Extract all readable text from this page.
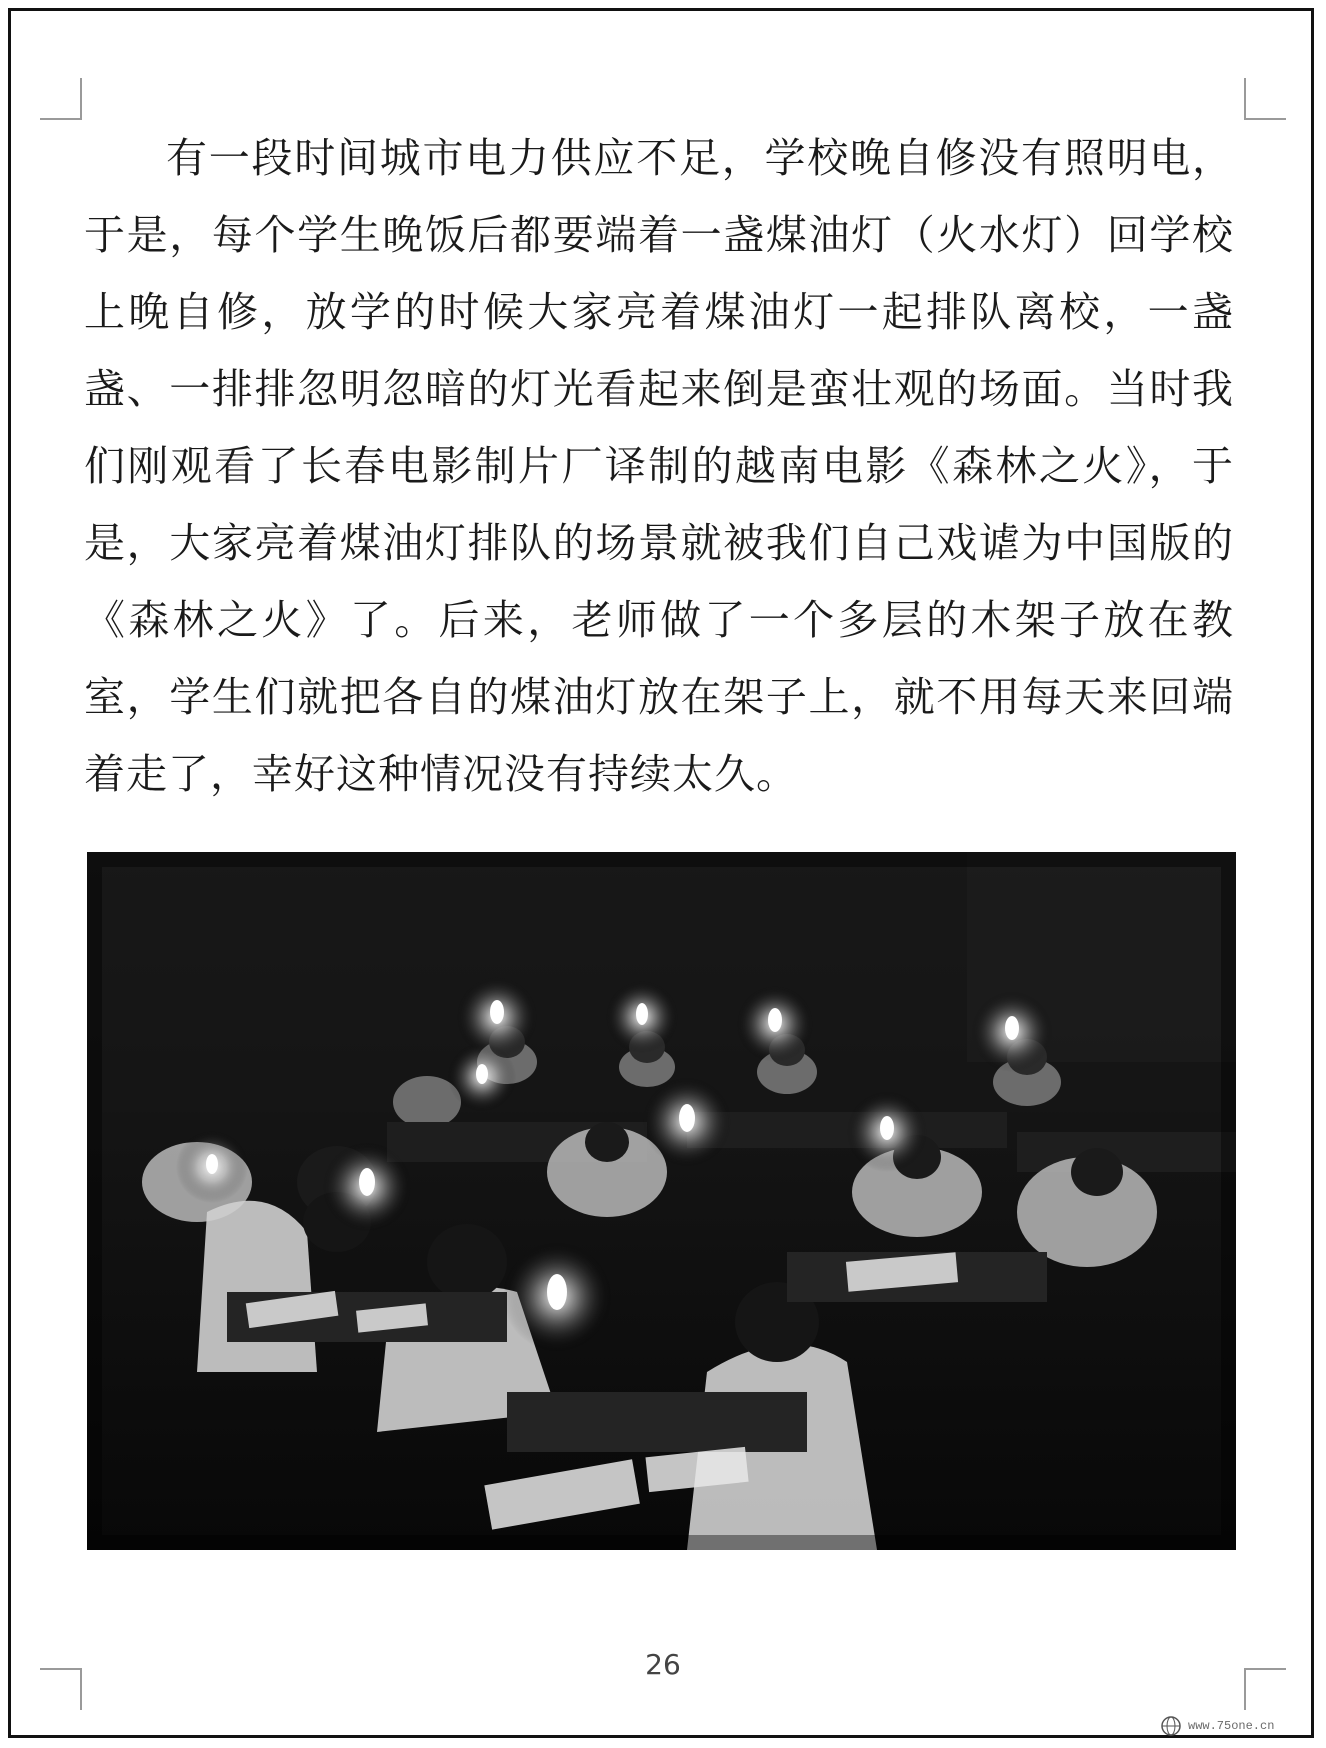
有一段时间城市电力供应不足，学校晚自修没有照明电，于是，每个学生晚饭后都要端着一盏煤油灯（火水灯）回学校上晚自修，放学的时候大家亮着煤油灯一起排队离校，一盏盏、一排排忽明忽暗的灯光看起来倒是蛮壮观的场面。当时我们刚观看了长春电影制片厂译制的越南电影《森林之火》，于是，大家亮着煤油灯排队的场景就被我们自己戏谑为中国版的《森林之火》了。后来，老师做了一个多层的木架子放在教室，学生们就把各自的煤油灯放在架子上，就不用每天来回端着走了，幸好这种情况没有持续太久。

26
www.75one.cn
